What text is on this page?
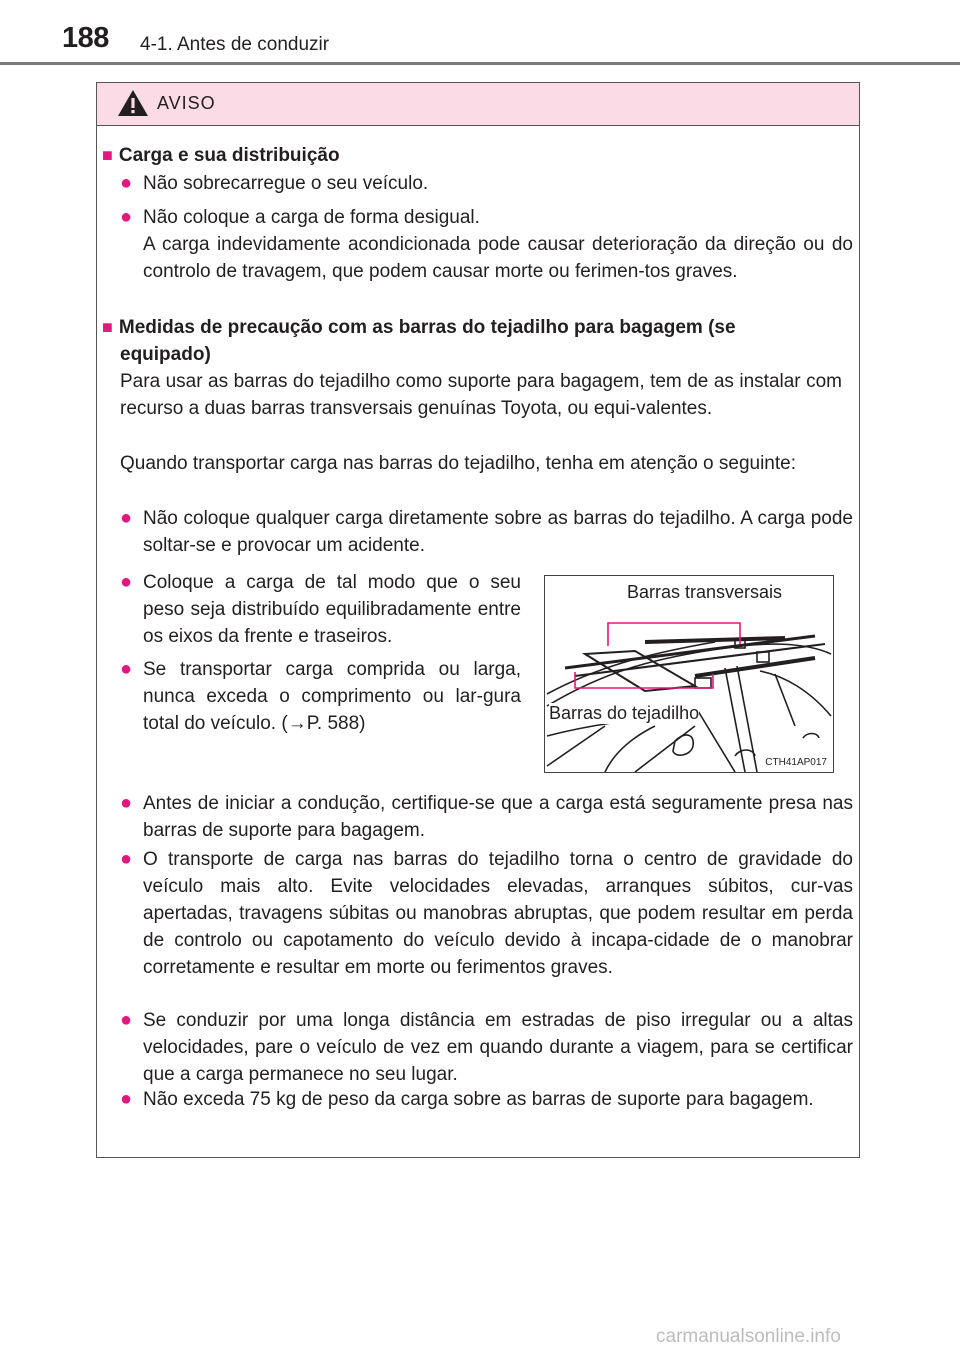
188 4-1. Antes de conduzir
AVISO
■ Carga e sua distribuição
● Não sobrecarregue o seu veículo.

● Não coloque a carga de forma desigual.

A carga indevidamente acondicionada pode causar deterioração da direção ou do controlo de travagem, que podem causar morte ou ferimen-tos graves.

■ Medidas de precaução com as barras do tejadilho para bagagem (se
equipado)

Para usar as barras do tejadilho como suporte para bagagem, tem de as instalar com recurso a duas barras transversais genuínas Toyota, ou equi-valentes.

Quando transportar carga nas barras do tejadilho, tenha em atenção o seguinte:

● Não coloque qualquer carga diretamente sobre as barras do tejadilho. A carga pode soltar-se e provocar um acidente.

● Coloque a carga de tal modo que o seu peso seja distribuído equilibradamente entre os eixos da frente e traseiros.

● Se transportar carga comprida ou larga, nunca exceda o comprimento ou lar-gura total do veículo. (→P. 588)

Barras transversais
Barras do tejadilho
CTH41AP017
● Antes de iniciar a condução, certifique-se que a carga está seguramente presa nas barras de suporte para bagagem.

● O transporte de carga nas barras do tejadilho torna o centro de gravidade do veículo mais alto. Evite velocidades elevadas, arranques súbitos, cur-vas apertadas, travagens súbitas ou manobras abruptas, que podem resultar em perda de controlo ou capotamento do veículo devido à incapa-cidade de o manobrar corretamente e resultar em morte ou ferimentos graves.

● Se conduzir por uma longa distância em estradas de piso irregular ou a altas velocidades, pare o veículo de vez em quando durante a viagem, para se certificar que a carga permanece no seu lugar.

● Não exceda 75 kg de peso da carga sobre as barras de suporte para bagagem.

carmanualsonline.info
